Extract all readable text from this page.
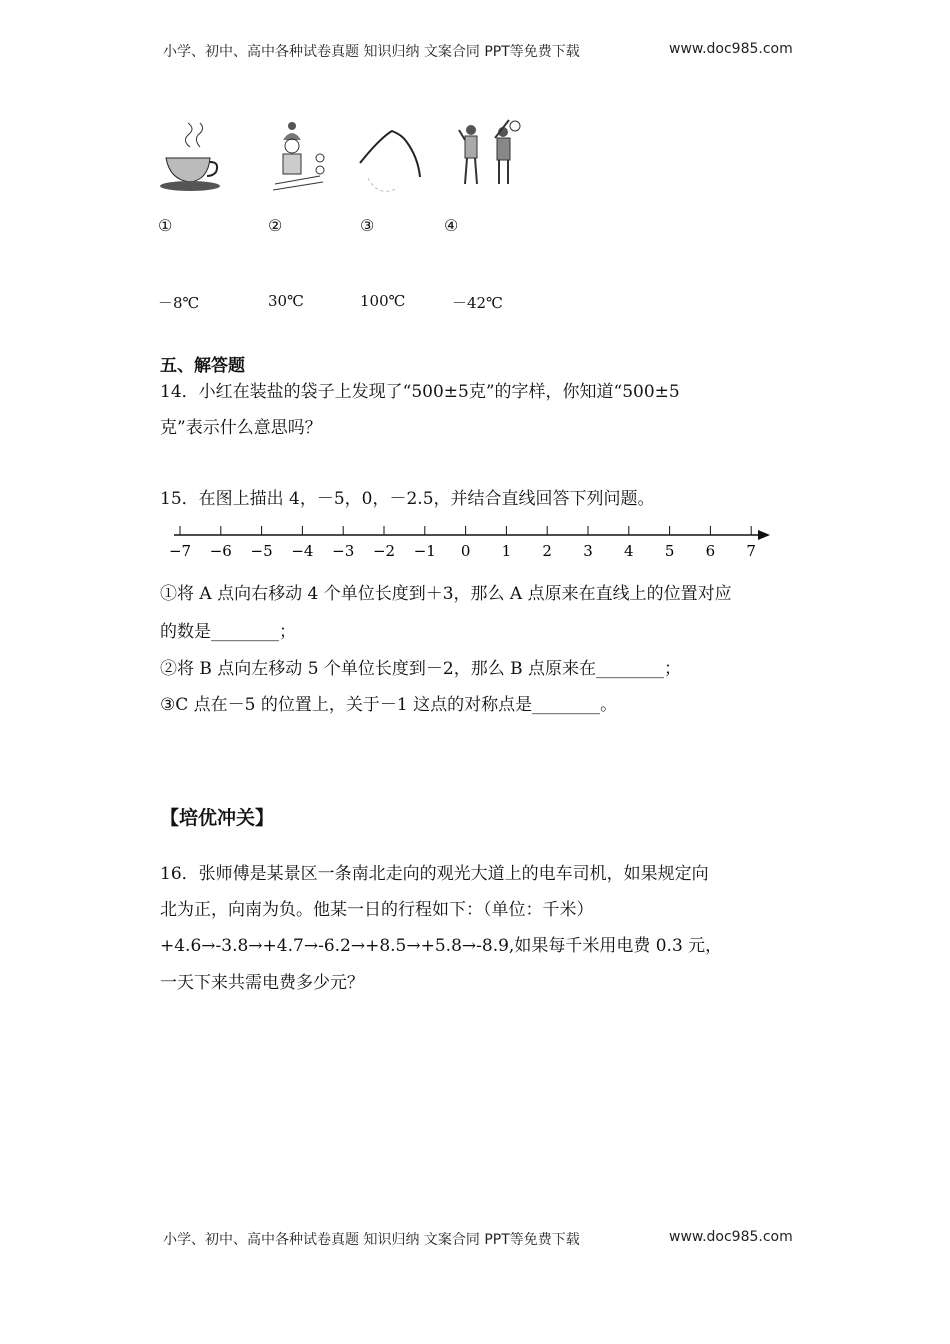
小学、初中、高中各种试卷真题 知识归纳 文案合同 PPT等免费下载	www.doc985.com
①	②	③	④
－8℃	30℃	100℃	－42℃
五、解答题
14．小红在装盐的袋子上发现了“500±5克”的字样，你知道“500±5
克”表示什么意思吗？
15．在图上描出 4，－5，0，－2.5，并结合直线回答下列问题。
−7 −6 −5 −4 −3 −2 −1 0 1 2 3 4 5 6 7
①将 A 点向右移动 4 个单位长度到＋3，那么 A 点原来在直线上的位置对应
的数是________；
②将 B 点向左移动 5 个单位长度到－2，那么 B 点原来在________；
③C 点在－5 的位置上，关于－1 这点的对称点是________。
【培优冲关】
16．张师傅是某景区一条南北走向的观光大道上的电车司机，如果规定向
北为正，向南为负。他某一日的行程如下：（单位：千米）
+4.6→-3.8→+4.7→-6.2→+8.5→+5.8→-8.9,如果每千米用电费 0.3 元，
一天下来共需电费多少元？
小学、初中、高中各种试卷真题 知识归纳 文案合同 PPT等免费下载	www.doc985.com
